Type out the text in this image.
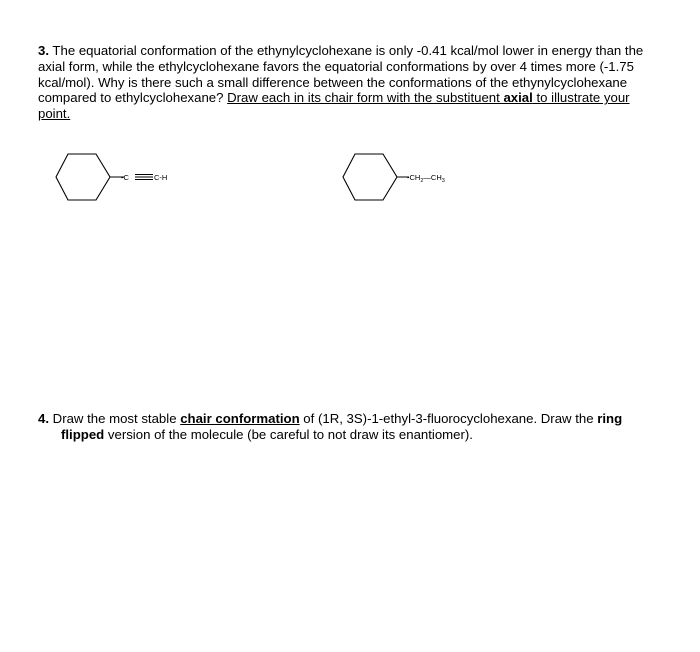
3. The equatorial conformation of the ethynylcyclohexane is only -0.41 kcal/mol lower in energy than the axial form, while the ethylcyclohexane favors the equatorial conformations by over 4 times more (-1.75 kcal/mol). Why is there such a small difference between the conformations of the ethynylcyclohexane compared to ethylcyclohexane? Draw each in its chair form with the substituent axial to illustrate your point.
-C	C-H	$-CH_2—CH_3$
4. Draw the most stable chair conformation of (1R, 3S)-1-ethyl-3-fluorocyclohexane. Draw the ring
flipped version of the molecule (be careful to not draw its enantiomer).
